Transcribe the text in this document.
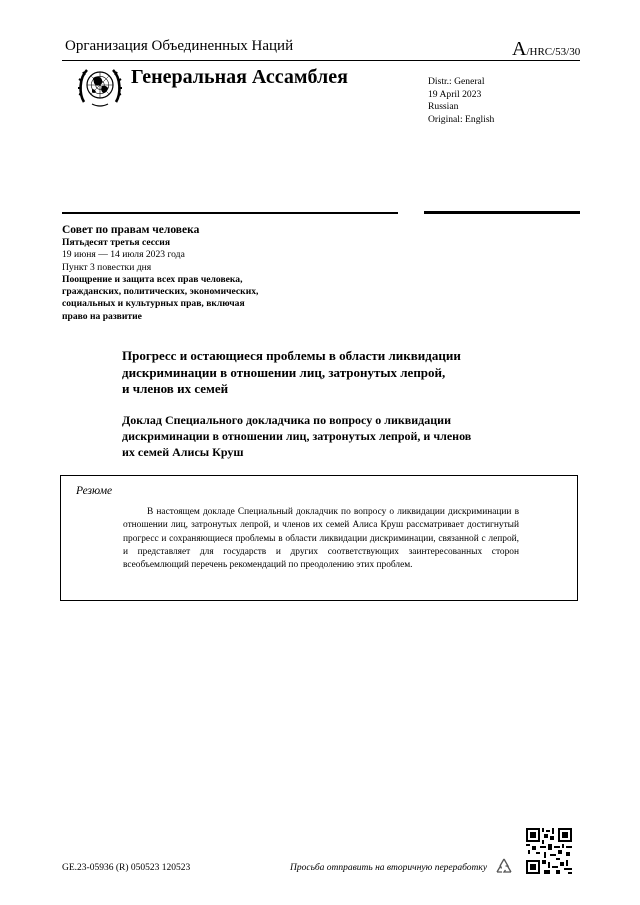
Организация Объединенных Наций	A/HRC/53/30
Генеральная Ассамблея	Distr.: General
19 April 2023
Russian
Original: English
Совет по правам человека
Пятьдесят третья сессия
19 июня — 14 июля 2023 года
Пункт 3 повестки дня
Поощрение и защита всех прав человека,
гражданских, политических, экономических,
социальных и культурных прав, включая
право на развитие
Прогресс и остающиеся проблемы в области ликвидации
дискриминации в отношении лиц, затронутых лепрой,
и членов их семей
Доклад Специального докладчика по вопросу о ликвидации
дискриминации в отношении лиц, затронутых лепрой, и членов
их семей Алисы Круш
Резюме
В настоящем докладе Специальный докладчик по вопросу о ликвидации дискриминации в отношении лиц, затронутых лепрой, и членов их семей Алиса Круш рассматривает достигнутый прогресс и сохраняющиеся проблемы в области ликвидации дискриминации, связанной с лепрой, и представляет для государств и других соответствующих заинтересованных сторон всеобъемлющий перечень рекомендаций по преодолению этих проблем.
GE.23-05936 (R) 050523 120523	Просьба отправить на вторичную переработку
